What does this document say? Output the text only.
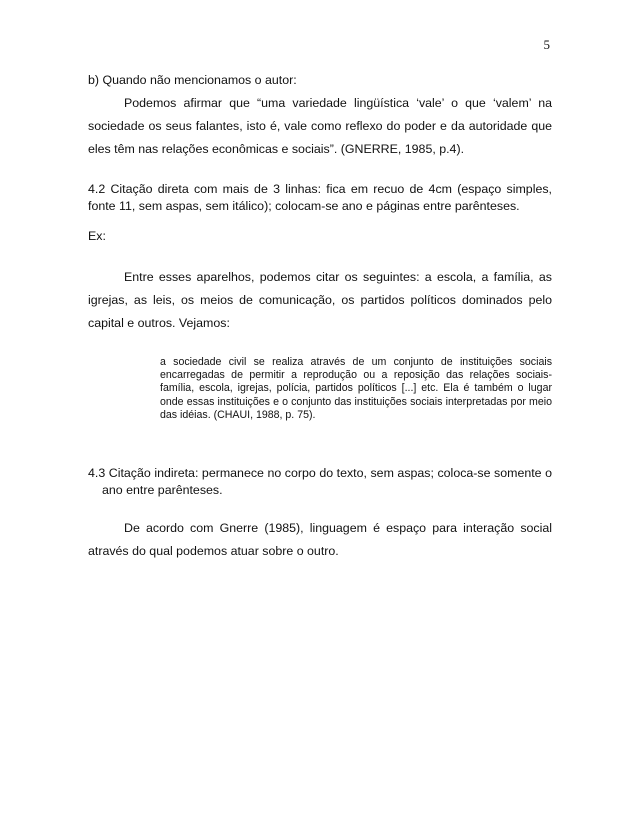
5

b) Quando não mencionamos o autor:

Podemos afirmar que “uma variedade lingüística ‘vale’ o que ‘valem’ na sociedade os seus falantes, isto é, vale como reflexo do poder e da autoridade que eles têm nas relações econômicas e sociais”. (GNERRE, 1985, p.4).

4.2 Citação direta com mais de 3 linhas: fica em recuo de 4cm (espaço simples, fonte 11, sem aspas, sem itálico); colocam-se ano e páginas entre parênteses.

Ex:

Entre esses aparelhos, podemos citar os seguintes: a escola, a família, as igrejas, as leis, os meios de comunicação, os partidos políticos dominados pelo capital e outros. Vejamos:

a sociedade civil se realiza através de um conjunto de instituições sociais encarregadas de permitir a reprodução ou a reposição das relações sociais- família, escola, igrejas, polícia, partidos políticos [...] etc. Ela é também o lugar onde essas instituições e o conjunto das instituições sociais interpretadas por meio das idéias. (CHAUI, 1988, p. 75).

4.3 Citação indireta: permanece no corpo do texto, sem aspas; coloca-se somente o ano entre parênteses.

De acordo com Gnerre (1985), linguagem é espaço para interação social através do qual podemos atuar sobre o outro.
